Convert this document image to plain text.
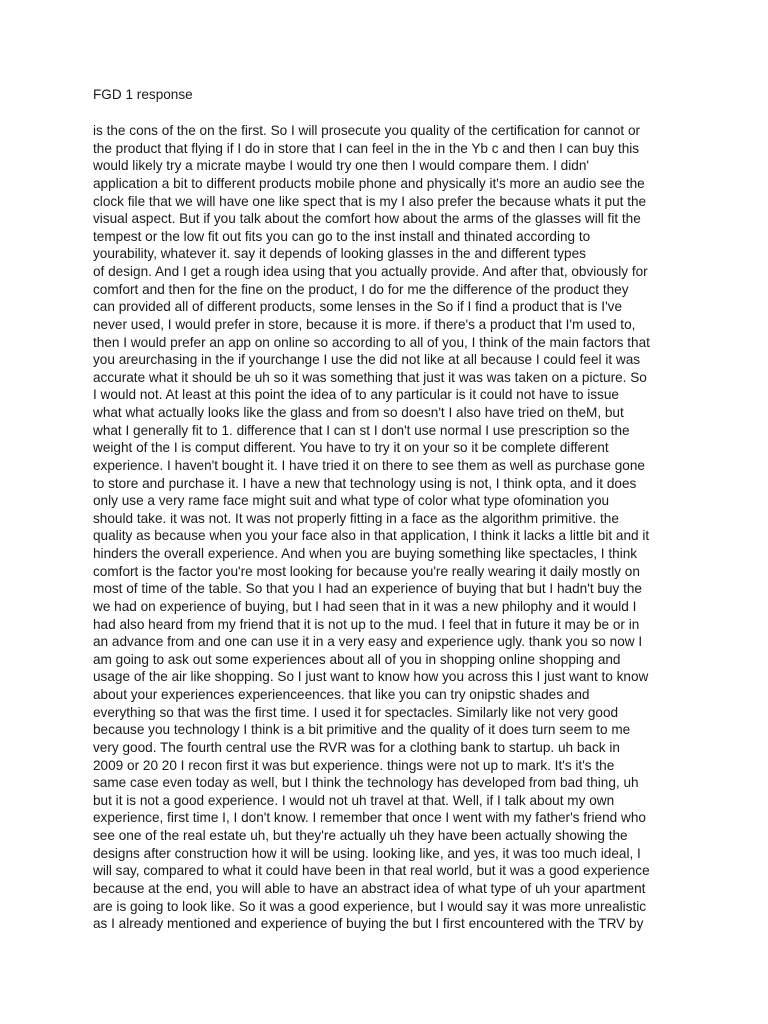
FGD 1 response
is the cons of the on the first. So I will prosecute you quality of the certification for cannot or
the product that flying if I do in store that I can feel in the in the Yb c and then I can buy this
would likely try a micrate maybe I would try one then I would compare them. I didn'
application a bit to different products mobile phone and physically it's more an audio see the
clock file that we will have one like spect that is my I also prefer the because whats it put the
visual aspect. But if you talk about the comfort how about the arms of the glasses will fit the
tempest or the low fit out fits you can go to the inst install and thinated according to
yourability, whatever it. say it depends of looking glasses in the and different types
of design. And I get a rough idea using that you actually provide. And after that, obviously for
comfort and then for the fine on the product, I do for me the difference of the product they
can provided all of different products, some lenses in the So if I find a product that is I've
never used, I would prefer in store, because it is more. if there's a product that I'm used to,
then I would prefer an app on online so according to all of you, I think of the main factors that
you areurchasing in the if yourchange I use the did not like at all because I could feel it was
accurate what it should be uh so it was something that just it was was taken on a picture. So
I would not. At least at this point the idea of to any particular is it could not have to issue
what what actually looks like the glass and from so doesn't I also have tried on theM, but
what I generally fit to 1. difference that I can st I don't use normal I use prescription so the
weight of the I is comput different. You have to try it on your so it be complete different
experience. I haven't bought it. I have tried it on there to see them as well as purchase gone
to store and purchase it. I have a new that technology using is not, I think opta, and it does
only use a very rame face might suit and what type of color what type ofomination you
should take. it was not. It was not properly fitting in a face as the algorithm primitive. the
quality as because when you your face also in that application, I think it lacks a little bit and it
hinders the overall experience. And when you are buying something like spectacles, I think
comfort is the factor you're most looking for because you're really wearing it daily mostly on
most of time of the table. So that you I had an experience of buying that but I hadn't buy the
we had on experience of buying, but I had seen that in it was a new philophy and it would I
had also heard from my friend that it is not up to the mud. I feel that in future it may be or in
an advance from and one can use it in a very easy and experience ugly. thank you so now I
am going to ask out some experiences about all of you in shopping online shopping and
usage of the air like shopping. So I just want to know how you across this I just want to know
about your experiences experienceences. that like you can try onipstic shades and
everything so that was the first time. I used it for spectacles. Similarly like not very good
because you technology I think is a bit primitive and the quality of it does turn seem to me
very good. The fourth central use the RVR was for a clothing bank to startup. uh back in
2009 or 20 20 I recon first it was but experience. things were not up to mark. It's it's the
same case even today as well, but I think the technology has developed from bad thing, uh
but it is not a good experience. I would not uh travel at that. Well, if I talk about my own
experience, first time I, I don't know. I remember that once I went with my father's friend who
see one of the real estate uh, but they're actually uh they have been actually showing the
designs after construction how it will be using. looking like, and yes, it was too much ideal, I
will say, compared to what it could have been in that real world, but it was a good experience
because at the end, you will able to have an abstract idea of what type of uh your apartment
are is going to look like. So it was a good experience, but I would say it was more unrealistic
as I already mentioned and experience of buying the but I first encountered with the TRV by
